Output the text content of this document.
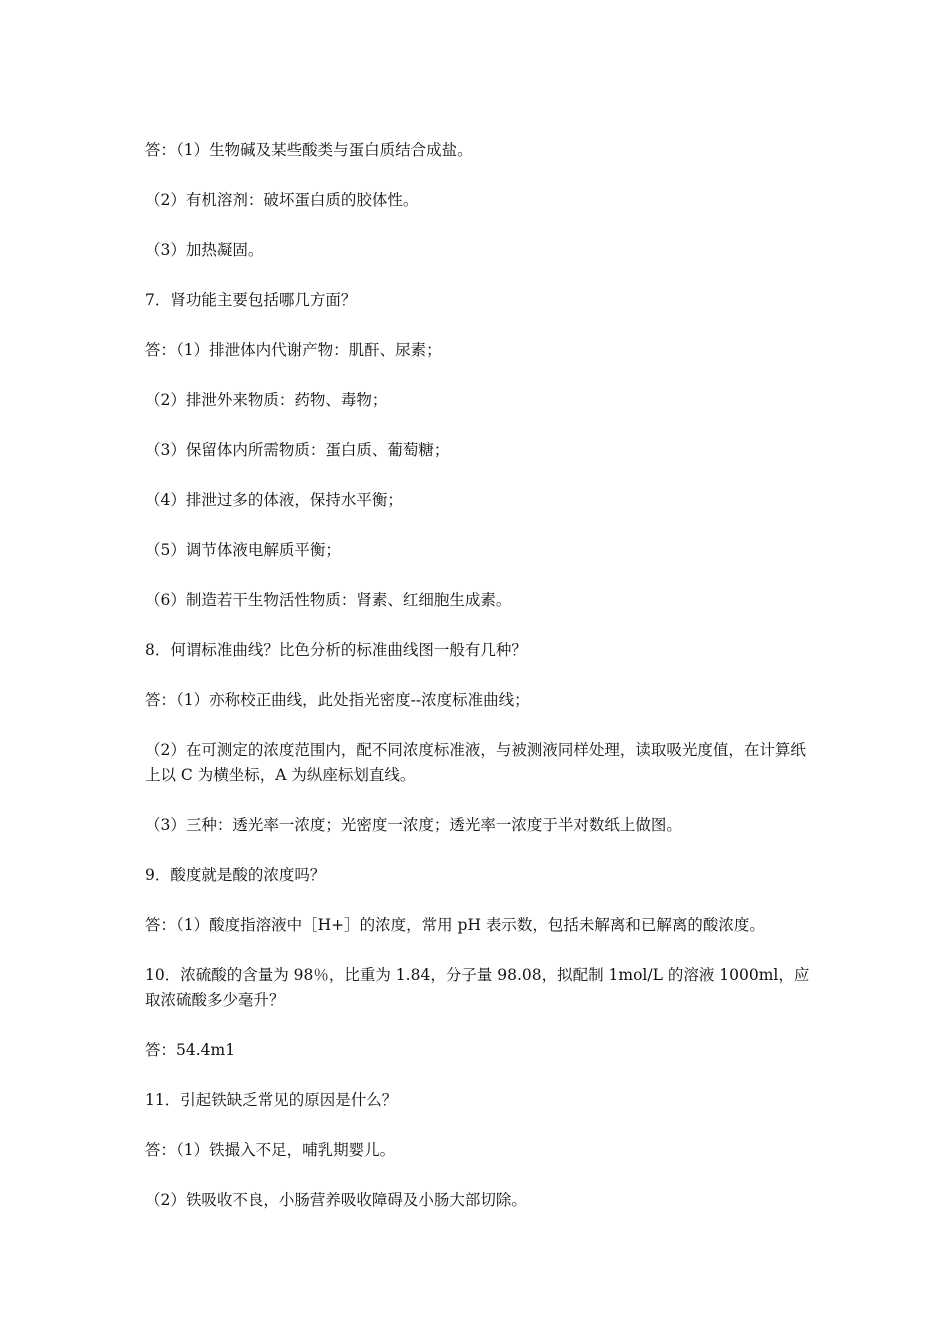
答：（1）生物碱及某些酸类与蛋白质结合成盐。

（2）有机溶剂：破坏蛋白质的胶体性。

（3）加热凝固。

7．肾功能主要包括哪几方面？

答：（1）排泄体内代谢产物：肌酐、尿素；

（2）排泄外来物质：药物、毒物；

（3）保留体内所需物质：蛋白质、葡萄糖；

（4）排泄过多的体液，保持水平衡；

（5）调节体液电解质平衡；

（6）制造若干生物活性物质：肾素、红细胞生成素。

8．何谓标准曲线？比色分析的标准曲线图一般有几种？

答：（1）亦称校正曲线，此处指光密度--浓度标准曲线；

（2）在可测定的浓度范围内，配不同浓度标准液，与被测液同样处理，读取吸光度值，在计算纸上以 C 为横坐标，A 为纵座标划直线。

（3）三种：透光率一浓度；光密度一浓度；透光率一浓度于半对数纸上做图。

9．酸度就是酸的浓度吗？

答：（1）酸度指溶液中［H+］的浓度，常用 pH 表示数，包括未解离和已解离的酸浓度。

10．浓硫酸的含量为 98％，比重为 1.84，分子量 98.08，拟配制 1mol/L 的溶液 1000ml，应取浓硫酸多少毫升？

答：54.4m1

11．引起铁缺乏常见的原因是什么？

答：（1）铁撮入不足，哺乳期婴儿。

（2）铁吸收不良，小肠营养吸收障碍及小肠大部切除。
